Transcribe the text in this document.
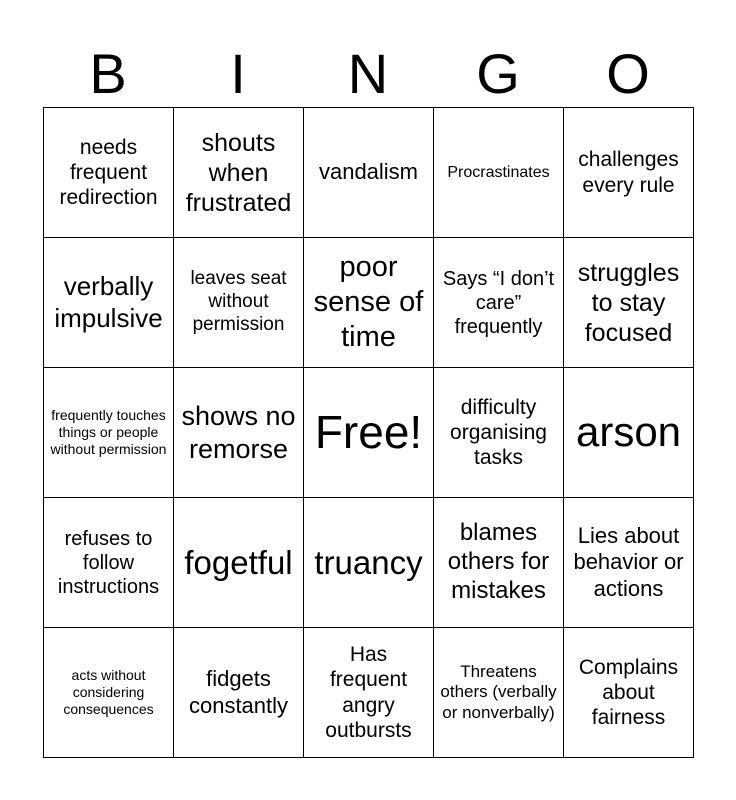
B	I	N	G	O
needs frequent redirection	shouts when frustrated	vandalism	Procrastinates	challenges every rule
verbally impulsive	leaves seat without permission	poor sense of time	Says “I don’t care” frequently	struggles to stay focused
frequently touches things or people without permission	shows no remorse	Free!	difficulty organising tasks	arson
refuses to follow instructions	fogetful	truancy	blames others for mistakes	Lies about behavior or actions
acts without considering consequences	fidgets constantly	Has frequent angry outbursts	Threatens others (verbally or nonverbally)	Complains about fairness
